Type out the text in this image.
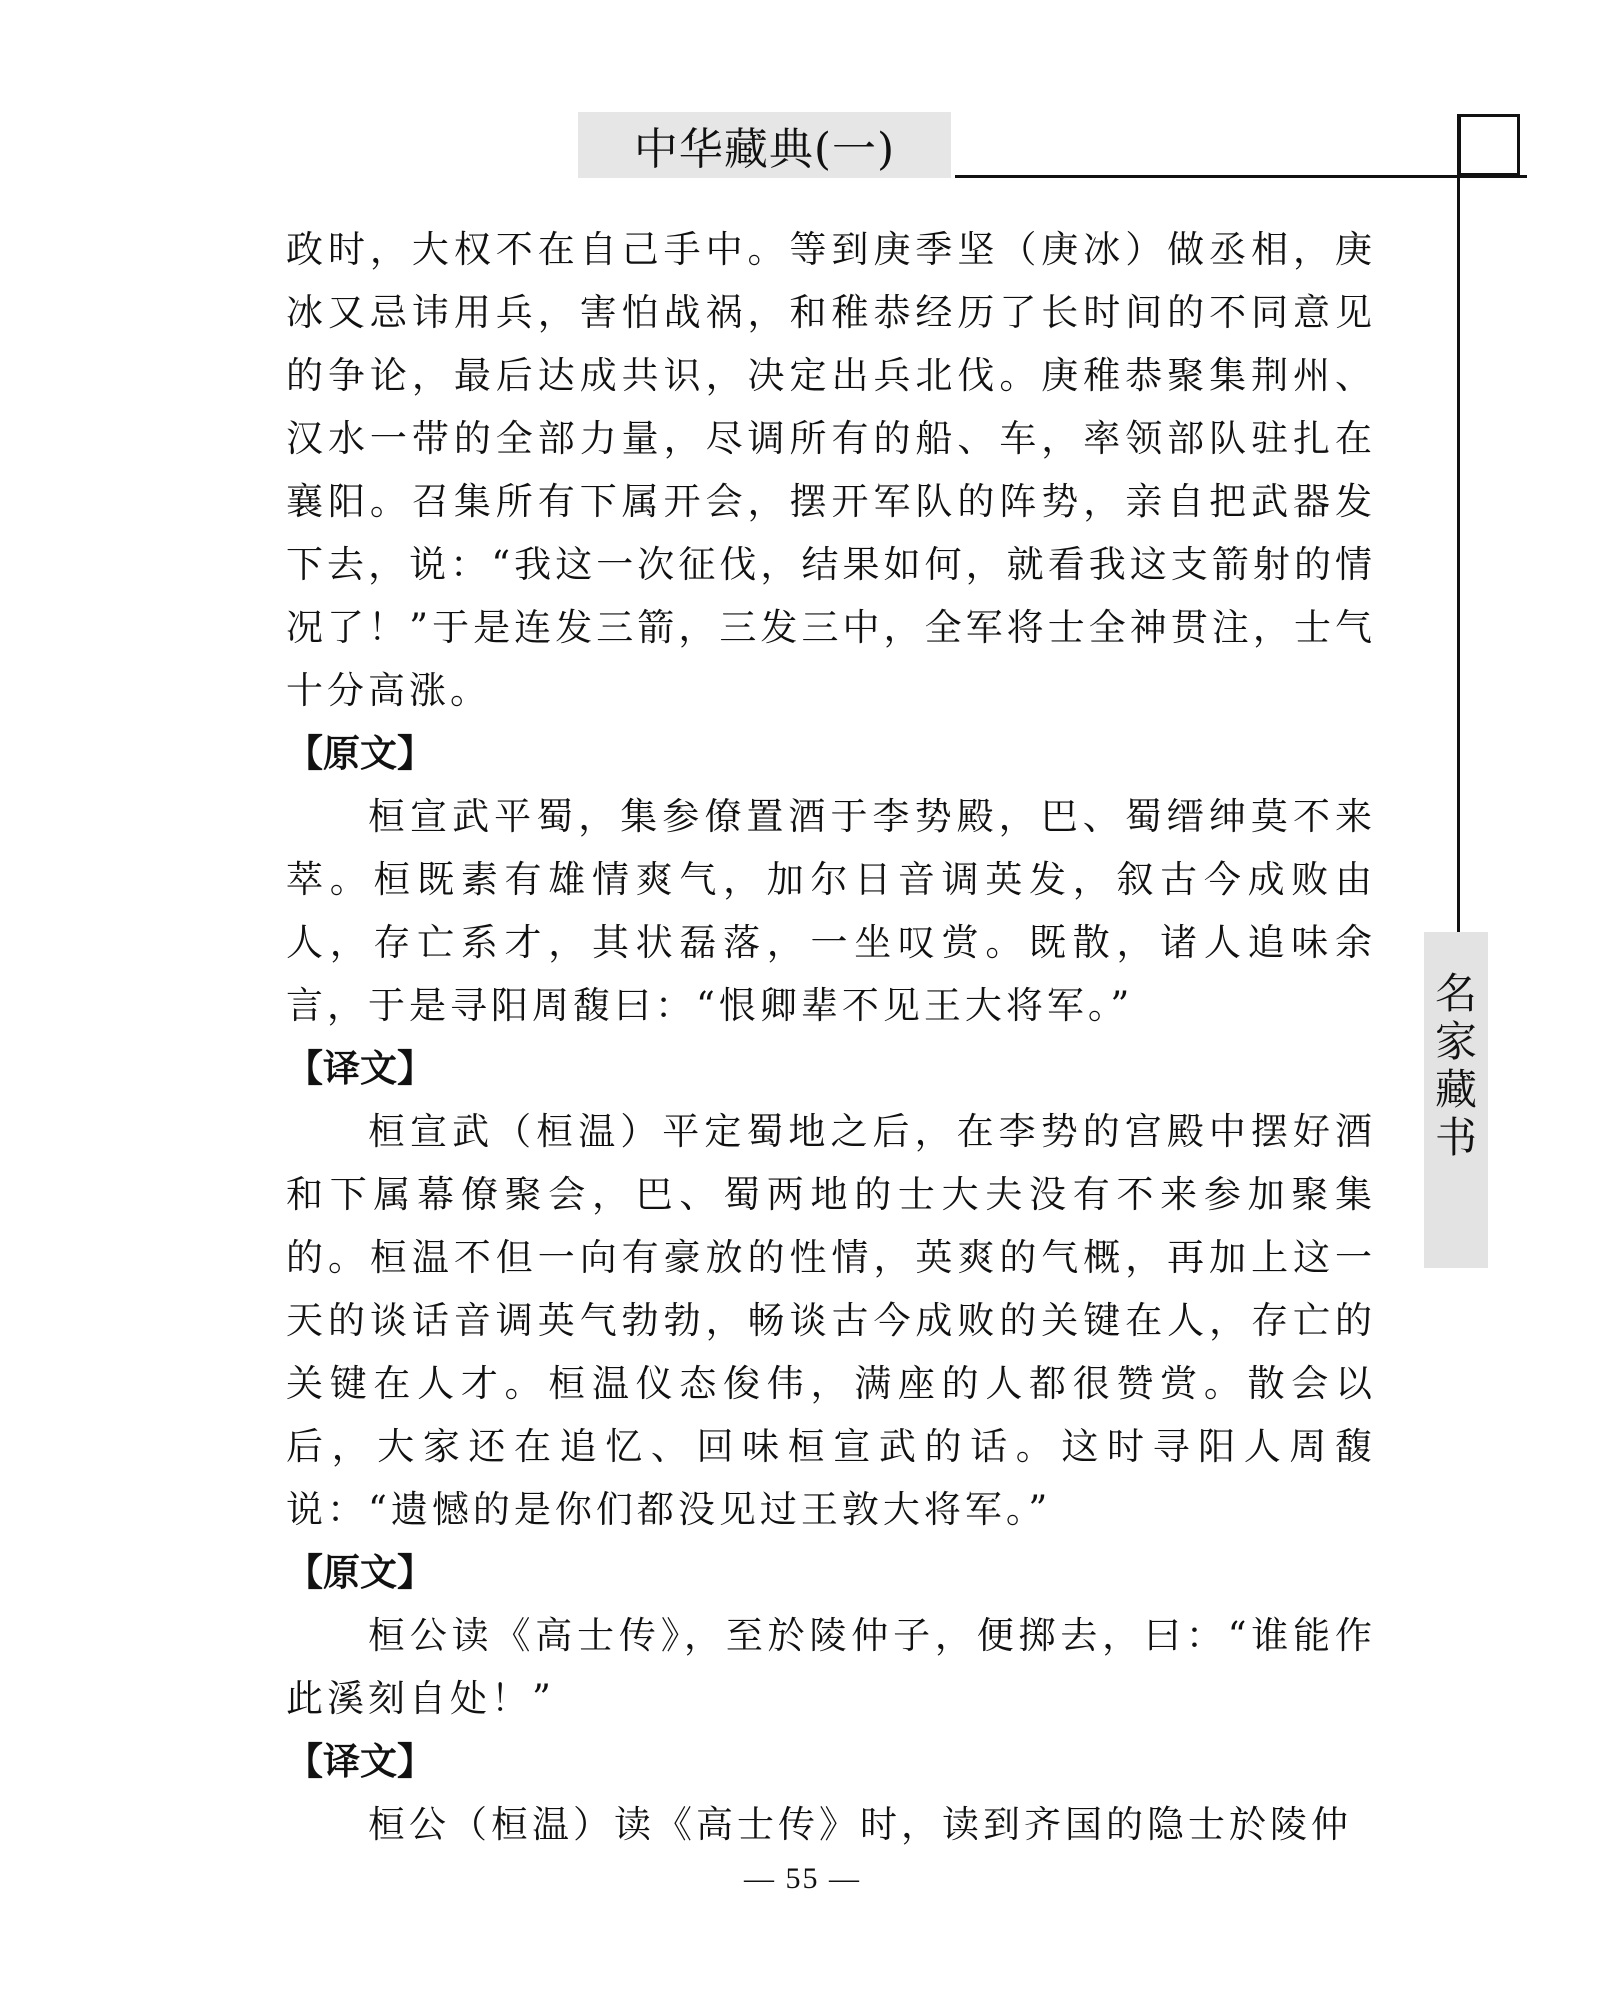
中华藏典(一)
名
家
藏
书

政时，大权不在自己手中。等到庚季坚（庚冰）做丞相，庚冰又忌讳用兵，害怕战祸，和稚恭经历了长时间的不同意见的争论，最后达成共识，决定出兵北伐。庚稚恭聚集荆州、汉水一带的全部力量，尽调所有的船、车，率领部队驻扎在襄阳。召集所有下属开会，摆开军队的阵势，亲自把武器发下去，说：“我这一次征伐，结果如何，就看我这支箭射的情况了！”于是连发三箭，三发三中，全军将士全神贯注，士气十分高涨。

【原文】

桓宣武平蜀，集参僚置酒于李势殿，巴、蜀缙绅莫不来萃。桓既素有雄情爽气，加尔日音调英发，叙古今成败由人，存亡系才，其状磊落，一坐叹赏。既散，诸人追味余言，于是寻阳周馥曰：“恨卿辈不见王大将军。”

【译文】

桓宣武（桓温）平定蜀地之后，在李势的宫殿中摆好酒和下属幕僚聚会，巴、蜀两地的士大夫没有不来参加聚集的。桓温不但一向有豪放的性情，英爽的气概，再加上这一天的谈话音调英气勃勃，畅谈古今成败的关键在人，存亡的关键在人才。桓温仪态俊伟，满座的人都很赞赏。散会以后，大家还在追忆、回味桓宣武的话。这时寻阳人周馥说：“遗憾的是你们都没见过王敦大将军。”

【原文】

桓公读《高士传》，至於陵仲子，便掷去，曰：“谁能作此溪刻自处！”

【译文】

桓公（桓温）读《高士传》时，读到齐国的隐士於陵仲

— 55 —
